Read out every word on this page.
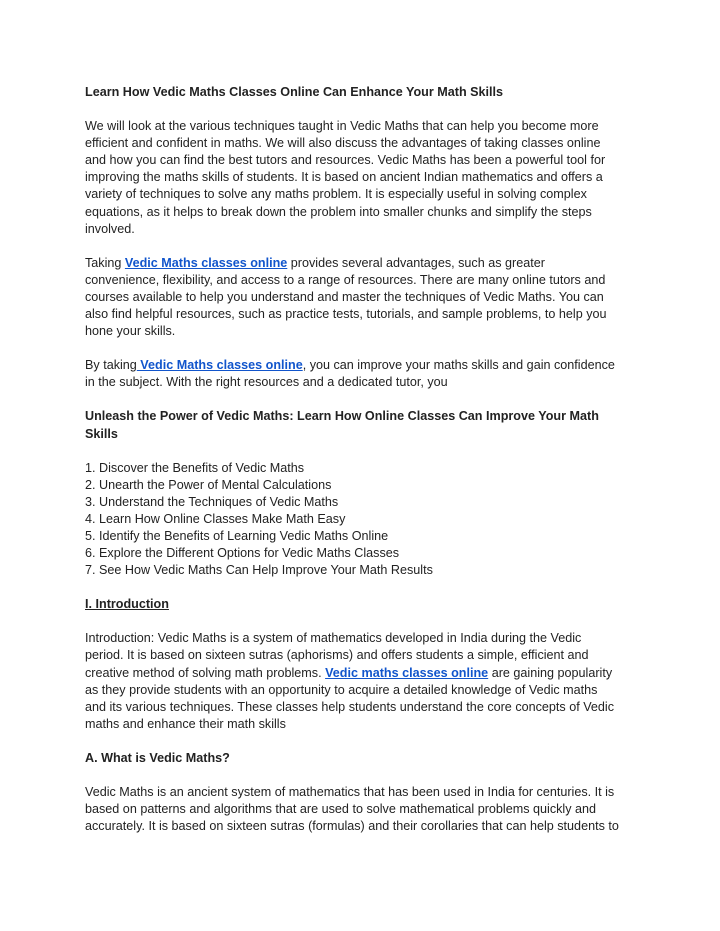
Learn How Vedic Maths Classes Online Can Enhance Your Math Skills

We will look at the various techniques taught in Vedic Maths that can help you become more
efficient and confident in maths. We will also discuss the advantages of taking classes online
and how you can find the best tutors and resources. Vedic Maths has been a powerful tool for
improving the maths skills of students. It is based on ancient Indian mathematics and offers a
variety of techniques to solve any maths problem. It is especially useful in solving complex
equations, as it helps to break down the problem into smaller chunks and simplify the steps
involved.

Taking Vedic Maths classes online provides several advantages, such as greater
convenience, flexibility, and access to a range of resources. There are many online tutors and
courses available to help you understand and master the techniques of Vedic Maths. You can
also find helpful resources, such as practice tests, tutorials, and sample problems, to help you
hone your skills.

By taking Vedic Maths classes online, you can improve your maths skills and gain confidence
in the subject. With the right resources and a dedicated tutor, you

Unleash the Power of Vedic Maths: Learn How Online Classes Can Improve Your Math
Skills

1. Discover the Benefits of Vedic Maths
2. Unearth the Power of Mental Calculations
3. Understand the Techniques of Vedic Maths
4. Learn How Online Classes Make Math Easy
5. Identify the Benefits of Learning Vedic Maths Online
6. Explore the Different Options for Vedic Maths Classes
7. See How Vedic Maths Can Help Improve Your Math Results

I. Introduction

Introduction: Vedic Maths is a system of mathematics developed in India during the Vedic
period. It is based on sixteen sutras (aphorisms) and offers students a simple, efficient and
creative method of solving math problems. Vedic maths classes online are gaining popularity
as they provide students with an opportunity to acquire a detailed knowledge of Vedic maths
and its various techniques. These classes help students understand the core concepts of Vedic
maths and enhance their math skills

A. What is Vedic Maths?

Vedic Maths is an ancient system of mathematics that has been used in India for centuries. It is
based on patterns and algorithms that are used to solve mathematical problems quickly and
accurately. It is based on sixteen sutras (formulas) and their corollaries that can help students to
